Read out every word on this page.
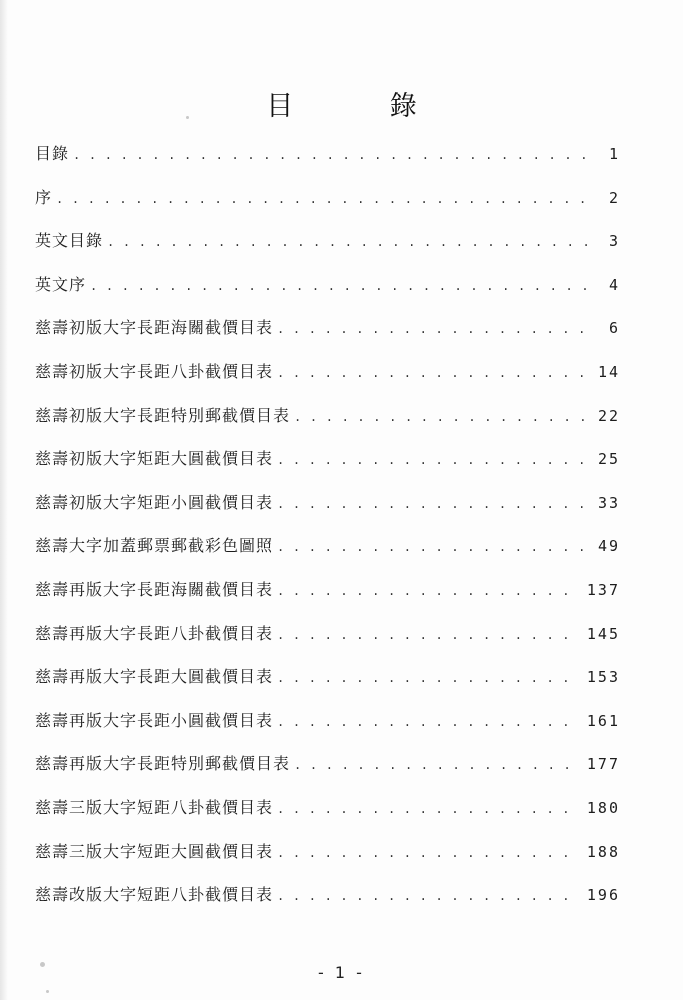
目 錄
目錄 . . .	1
序 . . .	2
英文目錄 . . .	3
英文序 . . .	4
慈壽初版大字長距海關截價目表 . . .	6
慈壽初版大字長距八卦截價目表 . . .	14
慈壽初版大字長距特別郵截價目表 . . .	22
慈壽初版大字矩距大圓截價目表 . . .	25
慈壽初版大字矩距小圓截價目表 . . .	33
慈壽大字加蓋郵票郵截彩色圖照 . . .	49
慈壽再版大字長距海關截價目表 . . .	137
慈壽再版大字長距八卦截價目表 . . .	145
慈壽再版大字長距大圓截價目表 . . .	153
慈壽再版大字長距小圓截價目表 . . .	161
慈壽再版大字長距特別郵截價目表 . . .	177
慈壽三版大字短距八卦截價目表 . . .	180
慈壽三版大字短距大圓截價目表 . . .	188
慈壽改版大字短距八卦截價目表 . . .	196
- 1 -
